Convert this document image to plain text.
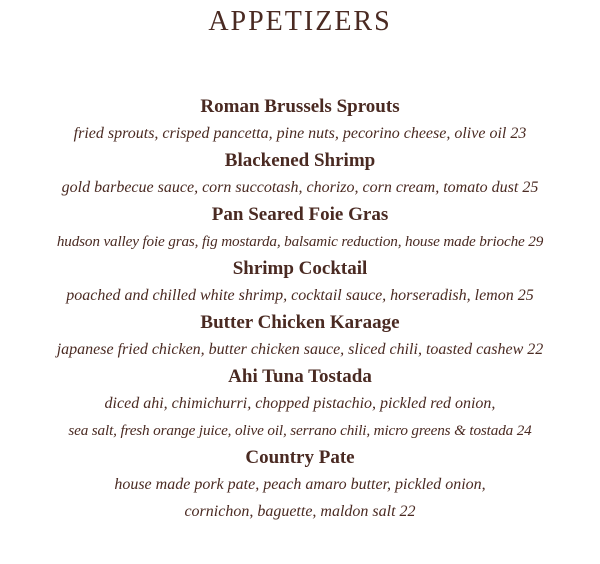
APPETIZERS
Roman Brussels Sprouts
fried sprouts, crisped pancetta, pine nuts, pecorino cheese, olive oil 23
Blackened Shrimp
gold barbecue sauce, corn succotash, chorizo, corn cream, tomato dust 25
Pan Seared Foie Gras
hudson valley foie gras, fig mostarda, balsamic reduction, house made brioche 29
Shrimp Cocktail
poached and chilled white shrimp, cocktail sauce, horseradish, lemon 25
Butter Chicken Karaage
japanese fried chicken, butter chicken sauce, sliced chili, toasted cashew 22
Ahi Tuna Tostada
diced ahi, chimichurri, chopped pistachio, pickled red onion,
sea salt, fresh orange juice, olive oil, serrano chili, micro greens & tostada 24
Country Pate
house made pork pate, peach amaro butter, pickled onion,
cornichon, baguette, maldon salt 22
